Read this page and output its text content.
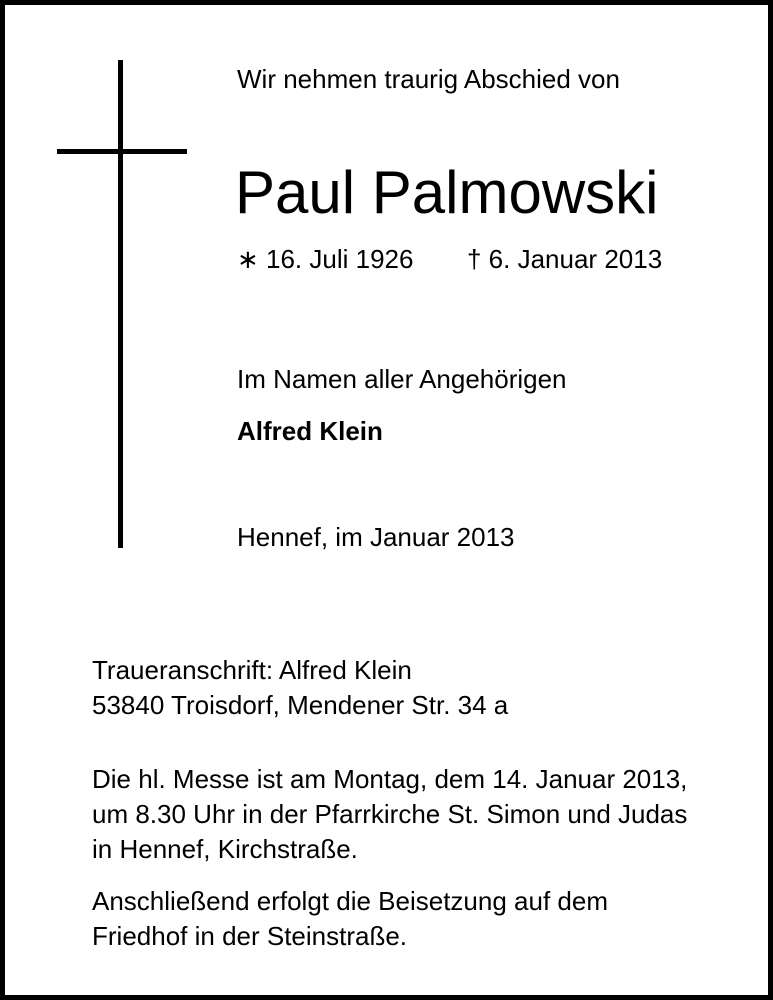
Wir nehmen traurig Abschied von
Paul Palmowski
∗ 16. Juli 1926 † 6. Januar 2013
Im Namen aller Angehörigen
Alfred Klein
Hennef, im Januar 2013
Traueranschrift: Alfred Klein
53840 Troisdorf, Mendener Str. 34 a
Die hl. Messe ist am Montag, dem 14. Januar 2013,
um 8.30 Uhr in der Pfarrkirche St. Simon und Judas
in Hennef, Kirchstraße.
Anschließend erfolgt die Beisetzung auf dem
Friedhof in der Steinstraße.
